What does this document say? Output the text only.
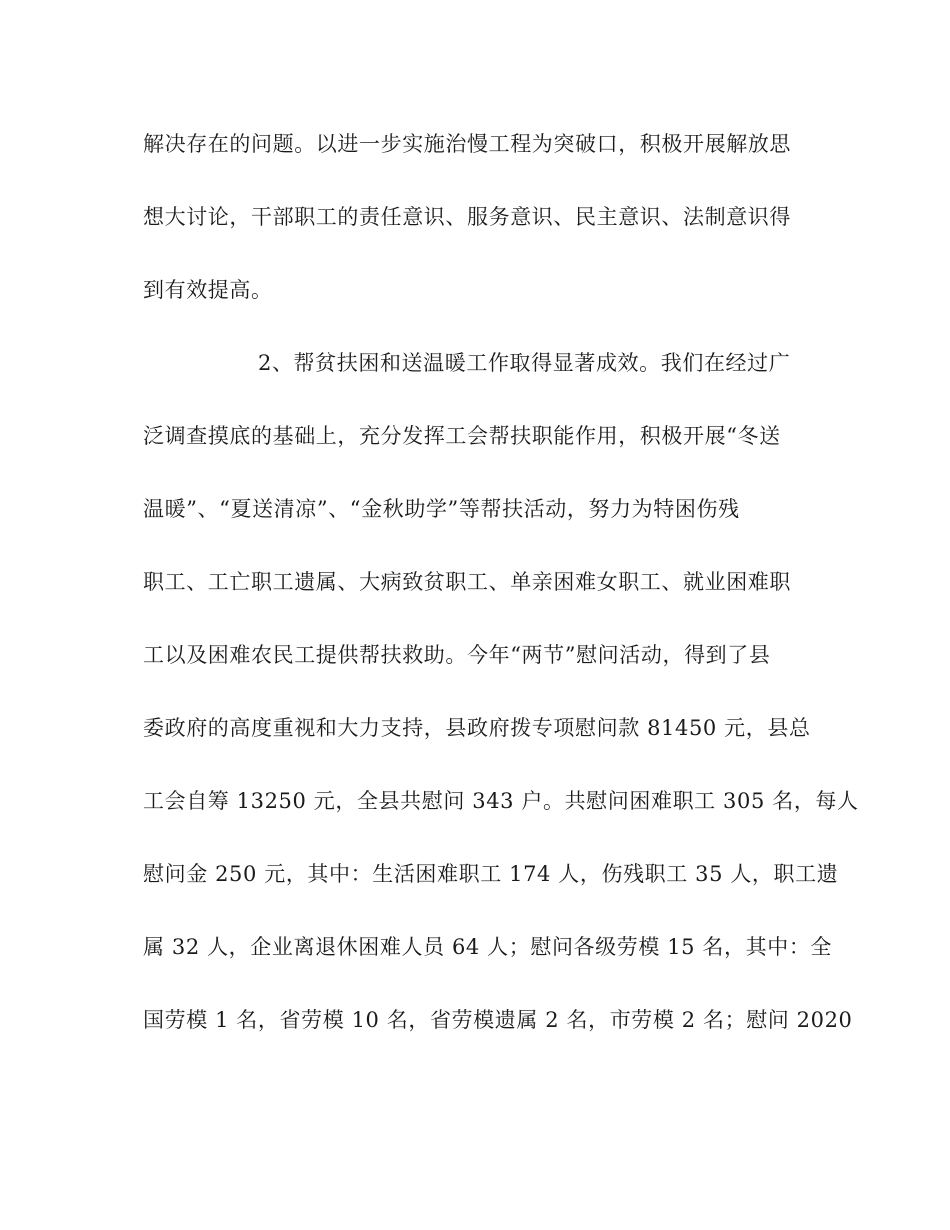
解决存在的问题。以进一步实施治慢工程为突破口，积极开展解放思
想大讨论，干部职工的责任意识、服务意识、民主意识、法制意识得
到有效提高。
2、帮贫扶困和送温暖工作取得显著成效。我们在经过广
泛调查摸底的基础上，充分发挥工会帮扶职能作用，积极开展“冬送
温暖”、“夏送清凉”、“金秋助学”等帮扶活动，努力为特困伤残
职工、工亡职工遗属、大病致贫职工、单亲困难女职工、就业困难职
工以及困难农民工提供帮扶救助。今年“两节”慰问活动，得到了县
委政府的高度重视和大力支持，县政府拨专项慰问款 81450 元，县总
工会自筹 13250 元，全县共慰问 343 户。共慰问困难职工 305 名，每人
慰问金 250 元，其中：生活困难职工 174 人，伤残职工 35 人，职工遗
属 32 人，企业离退休困难人员 64 人；慰问各级劳模 15 名，其中：全
国劳模 1 名，省劳模 10 名，省劳模遗属 2 名，市劳模 2 名；慰问 2020
